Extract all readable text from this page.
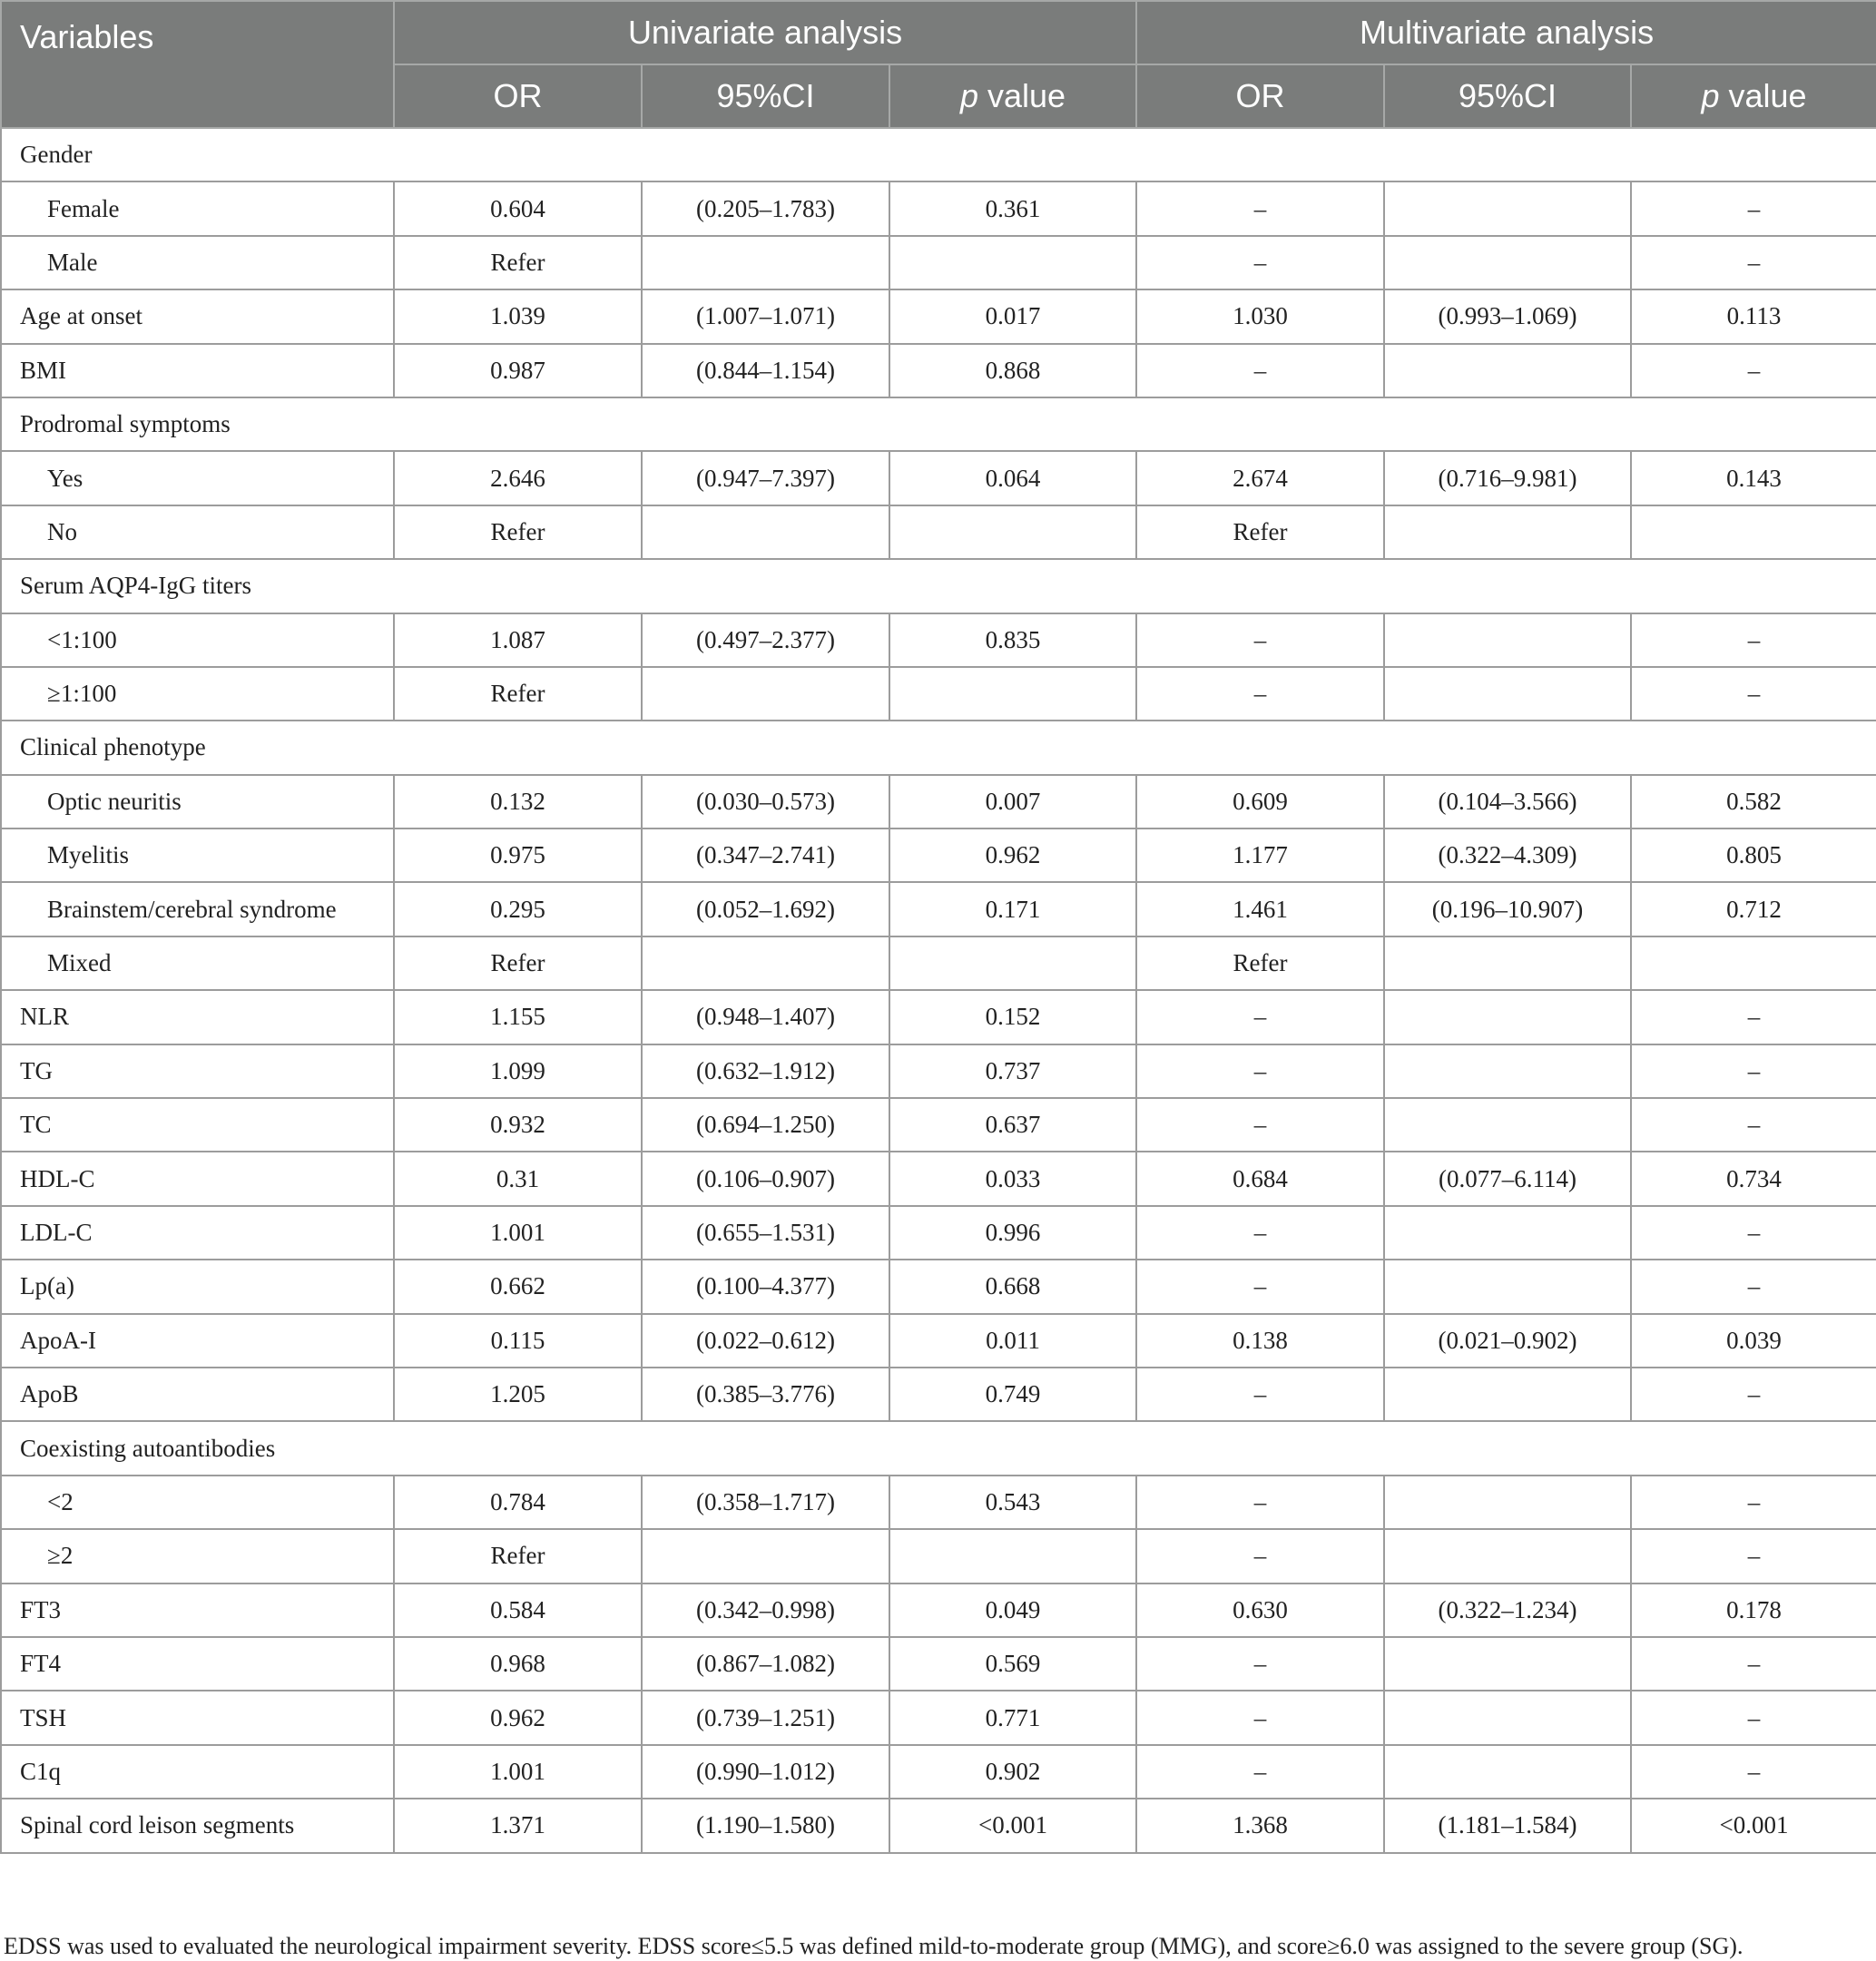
Variables	Univariate analysis			Multivariate analysis		
	OR	95%CI	p value	OR	95%CI	p value
Gender						
Female	0.604	(0.205–1.783)	0.361	–		–
Male	Refer			–		–
Age at onset	1.039	(1.007–1.071)	0.017	1.030	(0.993–1.069)	0.113
BMI	0.987	(0.844–1.154)	0.868	–		–
Prodromal symptoms						
Yes	2.646	(0.947–7.397)	0.064	2.674	(0.716–9.981)	0.143
No	Refer			Refer		
Serum AQP4-IgG titers						
<1:100	1.087	(0.497–2.377)	0.835	–		–
≥1:100	Refer			–		–
Clinical phenotype						
Optic neuritis	0.132	(0.030–0.573)	0.007	0.609	(0.104–3.566)	0.582
Myelitis	0.975	(0.347–2.741)	0.962	1.177	(0.322–4.309)	0.805
Brainstem/cerebral syndrome	0.295	(0.052–1.692)	0.171	1.461	(0.196–10.907)	0.712
Mixed	Refer			Refer		
NLR	1.155	(0.948–1.407)	0.152	–		–
TG	1.099	(0.632–1.912)	0.737	–		–
TC	0.932	(0.694–1.250)	0.637	–		–
HDL-C	0.31	(0.106–0.907)	0.033	0.684	(0.077–6.114)	0.734
LDL-C	1.001	(0.655–1.531)	0.996	–		–
Lp(a)	0.662	(0.100–4.377)	0.668	–		–
ApoA-I	0.115	(0.022–0.612)	0.011	0.138	(0.021–0.902)	0.039
ApoB	1.205	(0.385–3.776)	0.749	–		–
Coexisting autoantibodies						
<2	0.784	(0.358–1.717)	0.543	–		–
≥2	Refer			–		–
FT3	0.584	(0.342–0.998)	0.049	0.630	(0.322–1.234)	0.178
FT4	0.968	(0.867–1.082)	0.569	–		–
TSH	0.962	(0.739–1.251)	0.771	–		–
C1q	1.001	(0.990–1.012)	0.902	–		–
Spinal cord leison segments	1.371	(1.190–1.580)	<0.001	1.368	(1.181–1.584)	<0.001
EDSS was used to evaluated the neurological impairment severity. EDSS score≤5.5 was defined mild-to-moderate group (MMG), and score≥6.0 was assigned to the severe group (SG).
